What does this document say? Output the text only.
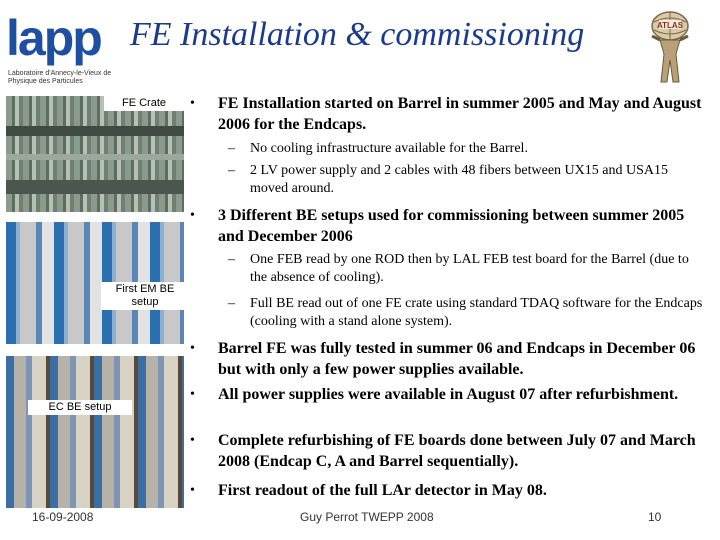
lapp
Laboratoire d'Annecy-le-Vieux de Physique des Particules
FE Installation & commissioning	ATLAS
FE Crate
First EM BE setup
EC BE setup
• FE Installation started on Barrel in summer 2005 and May and August 2006 for the Endcaps.
– No cooling infrastructure available for the Barrel.
– 2 LV power supply and 2 cables with 48 fibers between UX15 and USA15 moved around.
• 3 Different BE setups used for commissioning between summer 2005 and December 2006
– One FEB read by one ROD then by LAL FEB test board for the Barrel (due to the absence of cooling).
– Full BE read out of one FE crate using standard TDAQ software for the Endcaps (cooling with a stand alone system).
• Barrel FE was fully tested in summer 06 and Endcaps in December 06 but with only a few power supplies available.
• All power supplies were available in August 07 after refurbishment.
• Complete refurbishing of FE boards done between July 07 and March 2008 (Endcap C, A and Barrel sequentially).
• First readout of the full LAr detector in May 08.
16-09-2008	Guy Perrot TWEPP 2008	10
